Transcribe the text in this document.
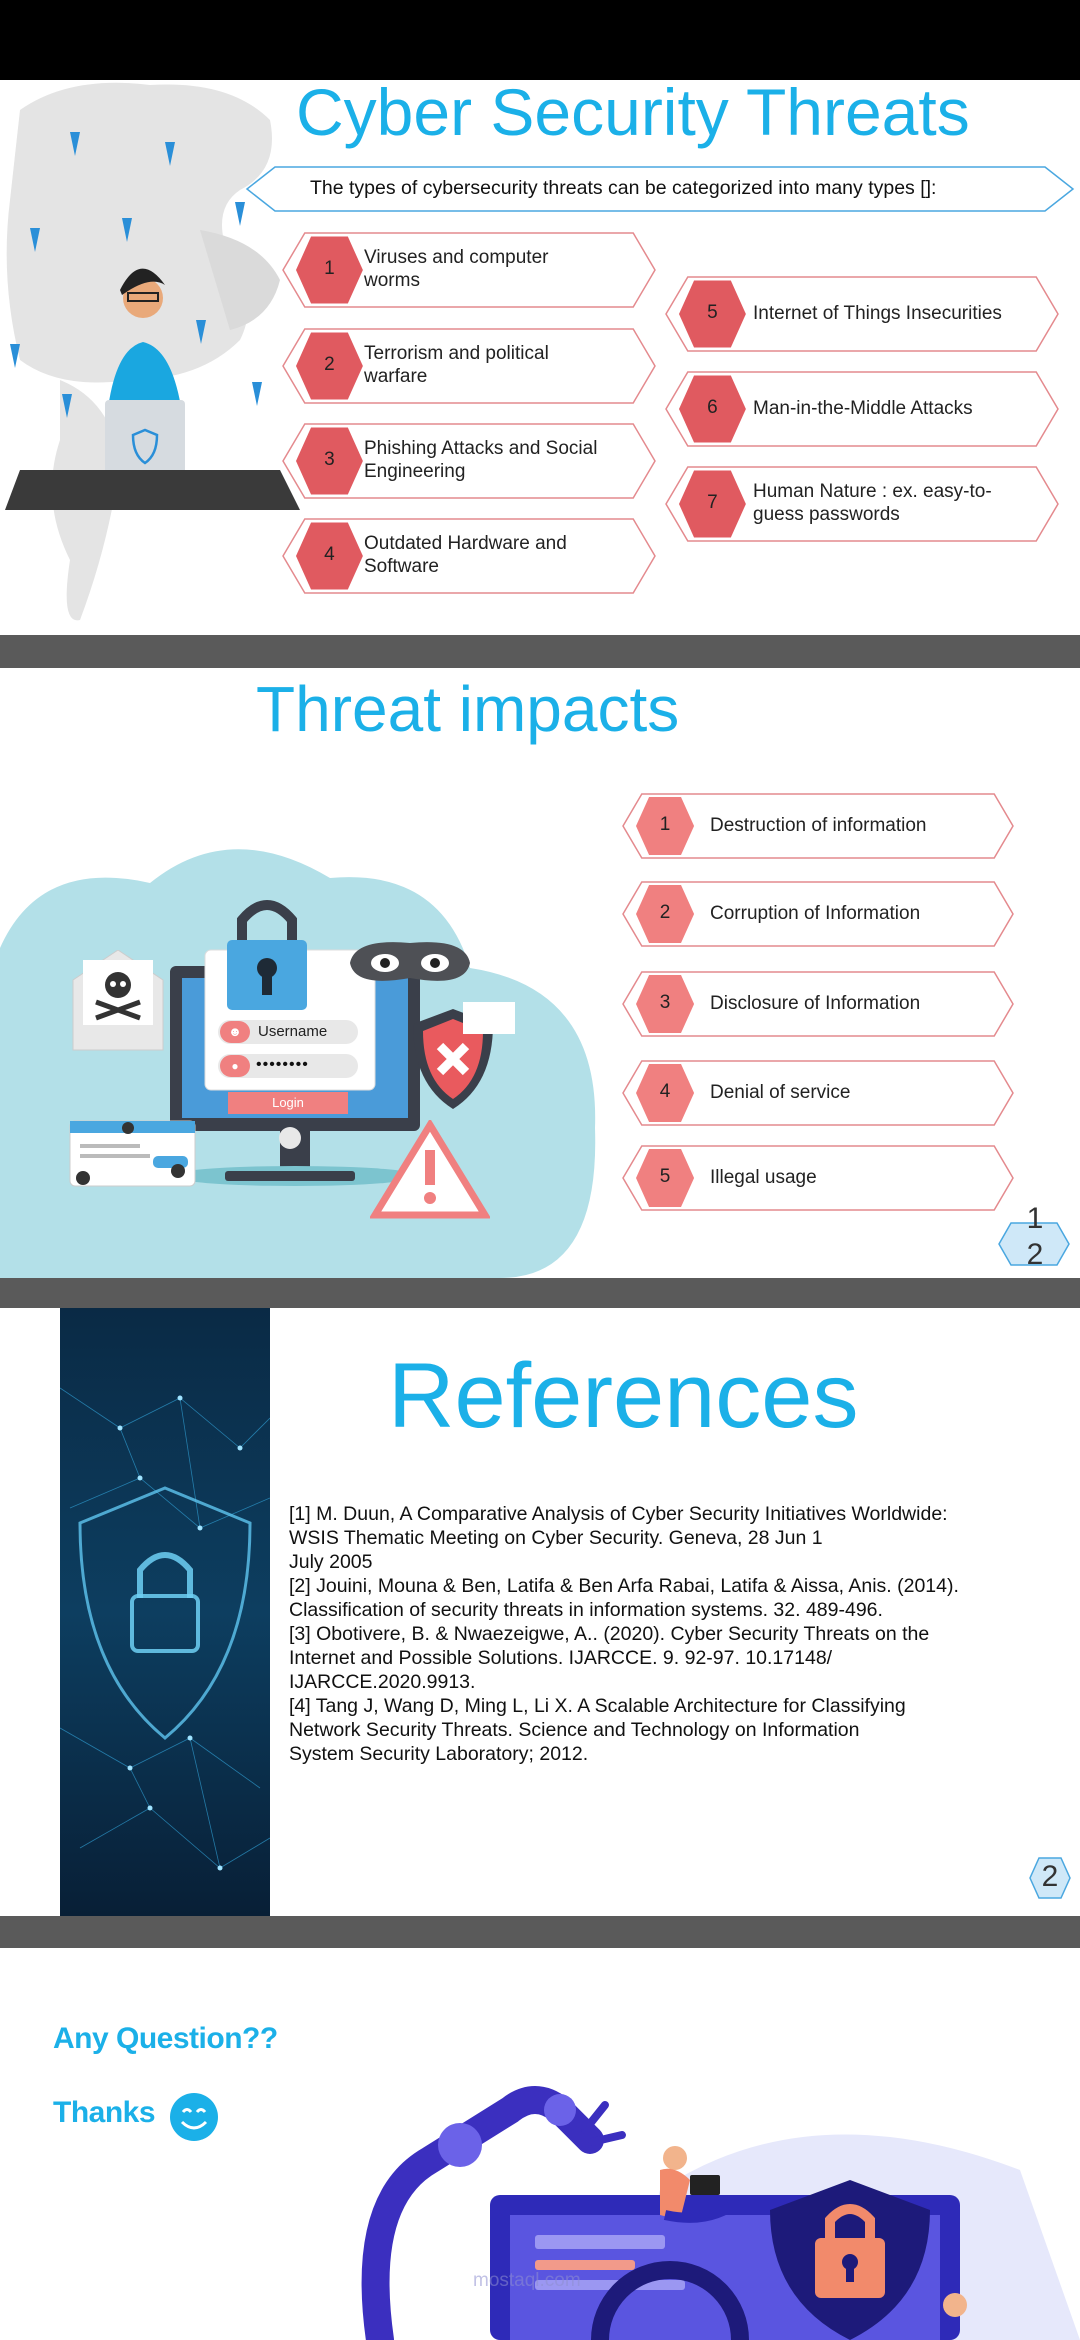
Cyber Security Threats
The types of cybersecurity threats can be categorized into many types []:
1
Viruses and computer
worms
2
Terrorism and political
warfare
3
Phishing Attacks and Social
Engineering
4
Outdated Hardware and
Software
5	Internet of Things Insecurities
6	Man-in-the-Middle Attacks
7
Human Nature : ex. easy-to-
guess passwords
Threat impacts
☻	Username
●	••••••••
Login
1
2
1	Destruction of information
2	Corruption of Information
3	Disclosure of Information
4	Denial of service
5	Illegal usage
References
[1] M. Duun, A Comparative Analysis of Cyber Security Initiatives Worldwide:
WSIS Thematic Meeting on Cyber Security. Geneva, 28 Jun 1
July 2005
[2] Jouini, Mouna & Ben, Latifa & Ben Arfa Rabai, Latifa & Aissa, Anis. (2014).
Classification of security threats in information systems. 32. 489-496.
[3] Obotivere, B. & Nwaezeigwe, A.. (2020). Cyber Security Threats on the
Internet and Possible Solutions. IJARCCE. 9. 92-97. 10.17148/
IJARCCE.2020.9913.
[4] Tang J, Wang D, Ming L, Li X. A Scalable Architecture for Classifying
Network Security Threats. Science and Technology on Information
System Security Laboratory; 2012.
2
Any Question??
Thanks
mostaql.com
